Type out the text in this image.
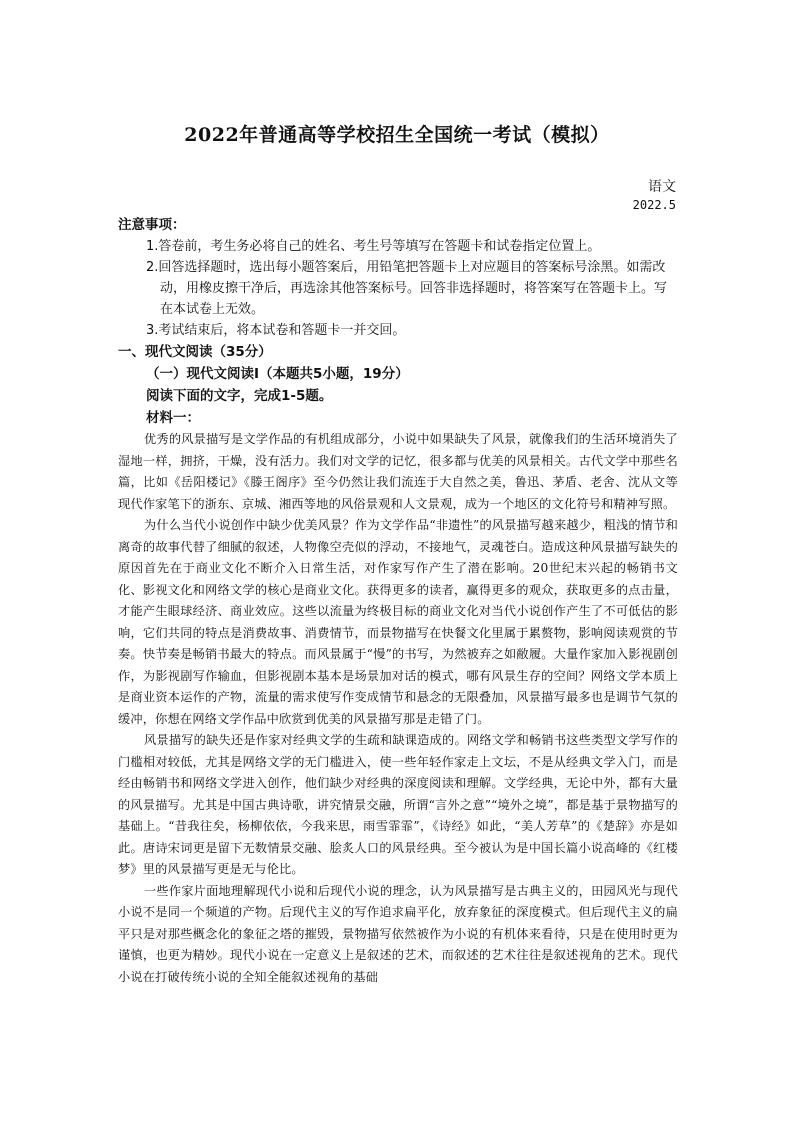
2022年普通高等学校招生全国统一考试（模拟）
语文
2022.5
注意事项：
1.答卷前，考生务必将自己的姓名、考生号等填写在答题卡和试卷指定位置上。
2.回答选择题时，选出每小题答案后，用铅笔把答题卡上对应题目的答案标号涂黑。如需改动，用橡皮擦干净后，再选涂其他答案标号。回答非选择题时，将答案写在答题卡上。写在本试卷上无效。
3.考试结束后，将本试卷和答题卡一并交回。
一、现代文阅读（35分）
（一）现代文阅读Ⅰ（本题共5小题，19分）
阅读下面的文字，完成1-5题。
材料一：

优秀的风景描写是文学作品的有机组成部分，小说中如果缺失了风景，就像我们的生活环境消失了湿地一样，拥挤，干燥，没有活力。我们对文学的记忆，很多都与优美的风景相关。古代文学中那些名篇，比如《岳阳楼记》《滕王阁序》至今仍然让我们流连于大自然之美，鲁迅、茅盾、老舍、沈从文等现代作家笔下的浙东、京城、湘西等地的风俗景观和人文景观，成为一个地区的文化符号和精神写照。

为什么当代小说创作中缺少优美风景？作为文学作品“非遗性”的风景描写越来越少，粗浅的情节和离奇的故事代替了细腻的叙述，人物像空壳似的浮动，不接地气，灵魂苍白。造成这种风景描写缺失的原因首先在于商业文化不断介入日常生活，对作家写作产生了潜在影响。20世纪末兴起的畅销书文化、影视文化和网络文学的核心是商业文化。获得更多的读者，赢得更多的观众，获取更多的点击量，才能产生眼球经济、商业效应。这些以流量为终极目标的商业文化对当代小说创作产生了不可低估的影响，它们共同的特点是消费故事、消费情节，而景物描写在快餐文化里属于累赘物，影响阅读观赏的节奏。快节奏是畅销书最大的特点。而风景属于“慢”的书写，为然被弃之如敝履。大量作家加入影视剧创作，为影视剧写作输血，但影视剧本基本是场景加对话的模式，哪有风景生存的空间？网络文学本质上是商业资本运作的产物，流量的需求使写作变成情节和悬念的无限叠加，风景描写最多也是调节气氛的缓冲，你想在网络文学作品中欣赏到优美的风景描写那是走错了门。

风景描写的缺失还是作家对经典文学的生疏和缺课造成的。网络文学和畅销书这些类型文学写作的门槛相对较低，尤其是网络文学的无门槛进入，使一些年轻作家走上文坛，不是从经典文学入门，而是经由畅销书和网络文学进入创作，他们缺少对经典的深度阅读和理解。文学经典，无论中外，都有大量的风景描写。尤其是中国古典诗歌，讲究情景交融，所谓“言外之意”“境外之境”，都是基于景物描写的基础上。“昔我往矣，杨柳依依，今我来思，雨雪霏霏”，《诗经》如此，“美人芳草”的《楚辞》亦是如此。唐诗宋词更是留下无数情景交融、脍炙人口的风景经典。至今被认为是中国长篇小说高峰的《红楼梦》里的风景描写更是无与伦比。

一些作家片面地理解现代小说和后现代小说的理念，认为风景描写是古典主义的，田园风光与现代小说不是同一个频道的产物。后现代主义的写作追求扁平化，放弃象征的深度模式。但后现代主义的扁平只是对那些概念化的象征之塔的摧毁，景物描写依然被作为小说的有机体来看待，只是在使用时更为谨慎，也更为精妙。现代小说在一定意义上是叙述的艺术，而叙述的艺术往往是叙述视角的艺术。现代小说在打破传统小说的全知全能叙述视角的基础
